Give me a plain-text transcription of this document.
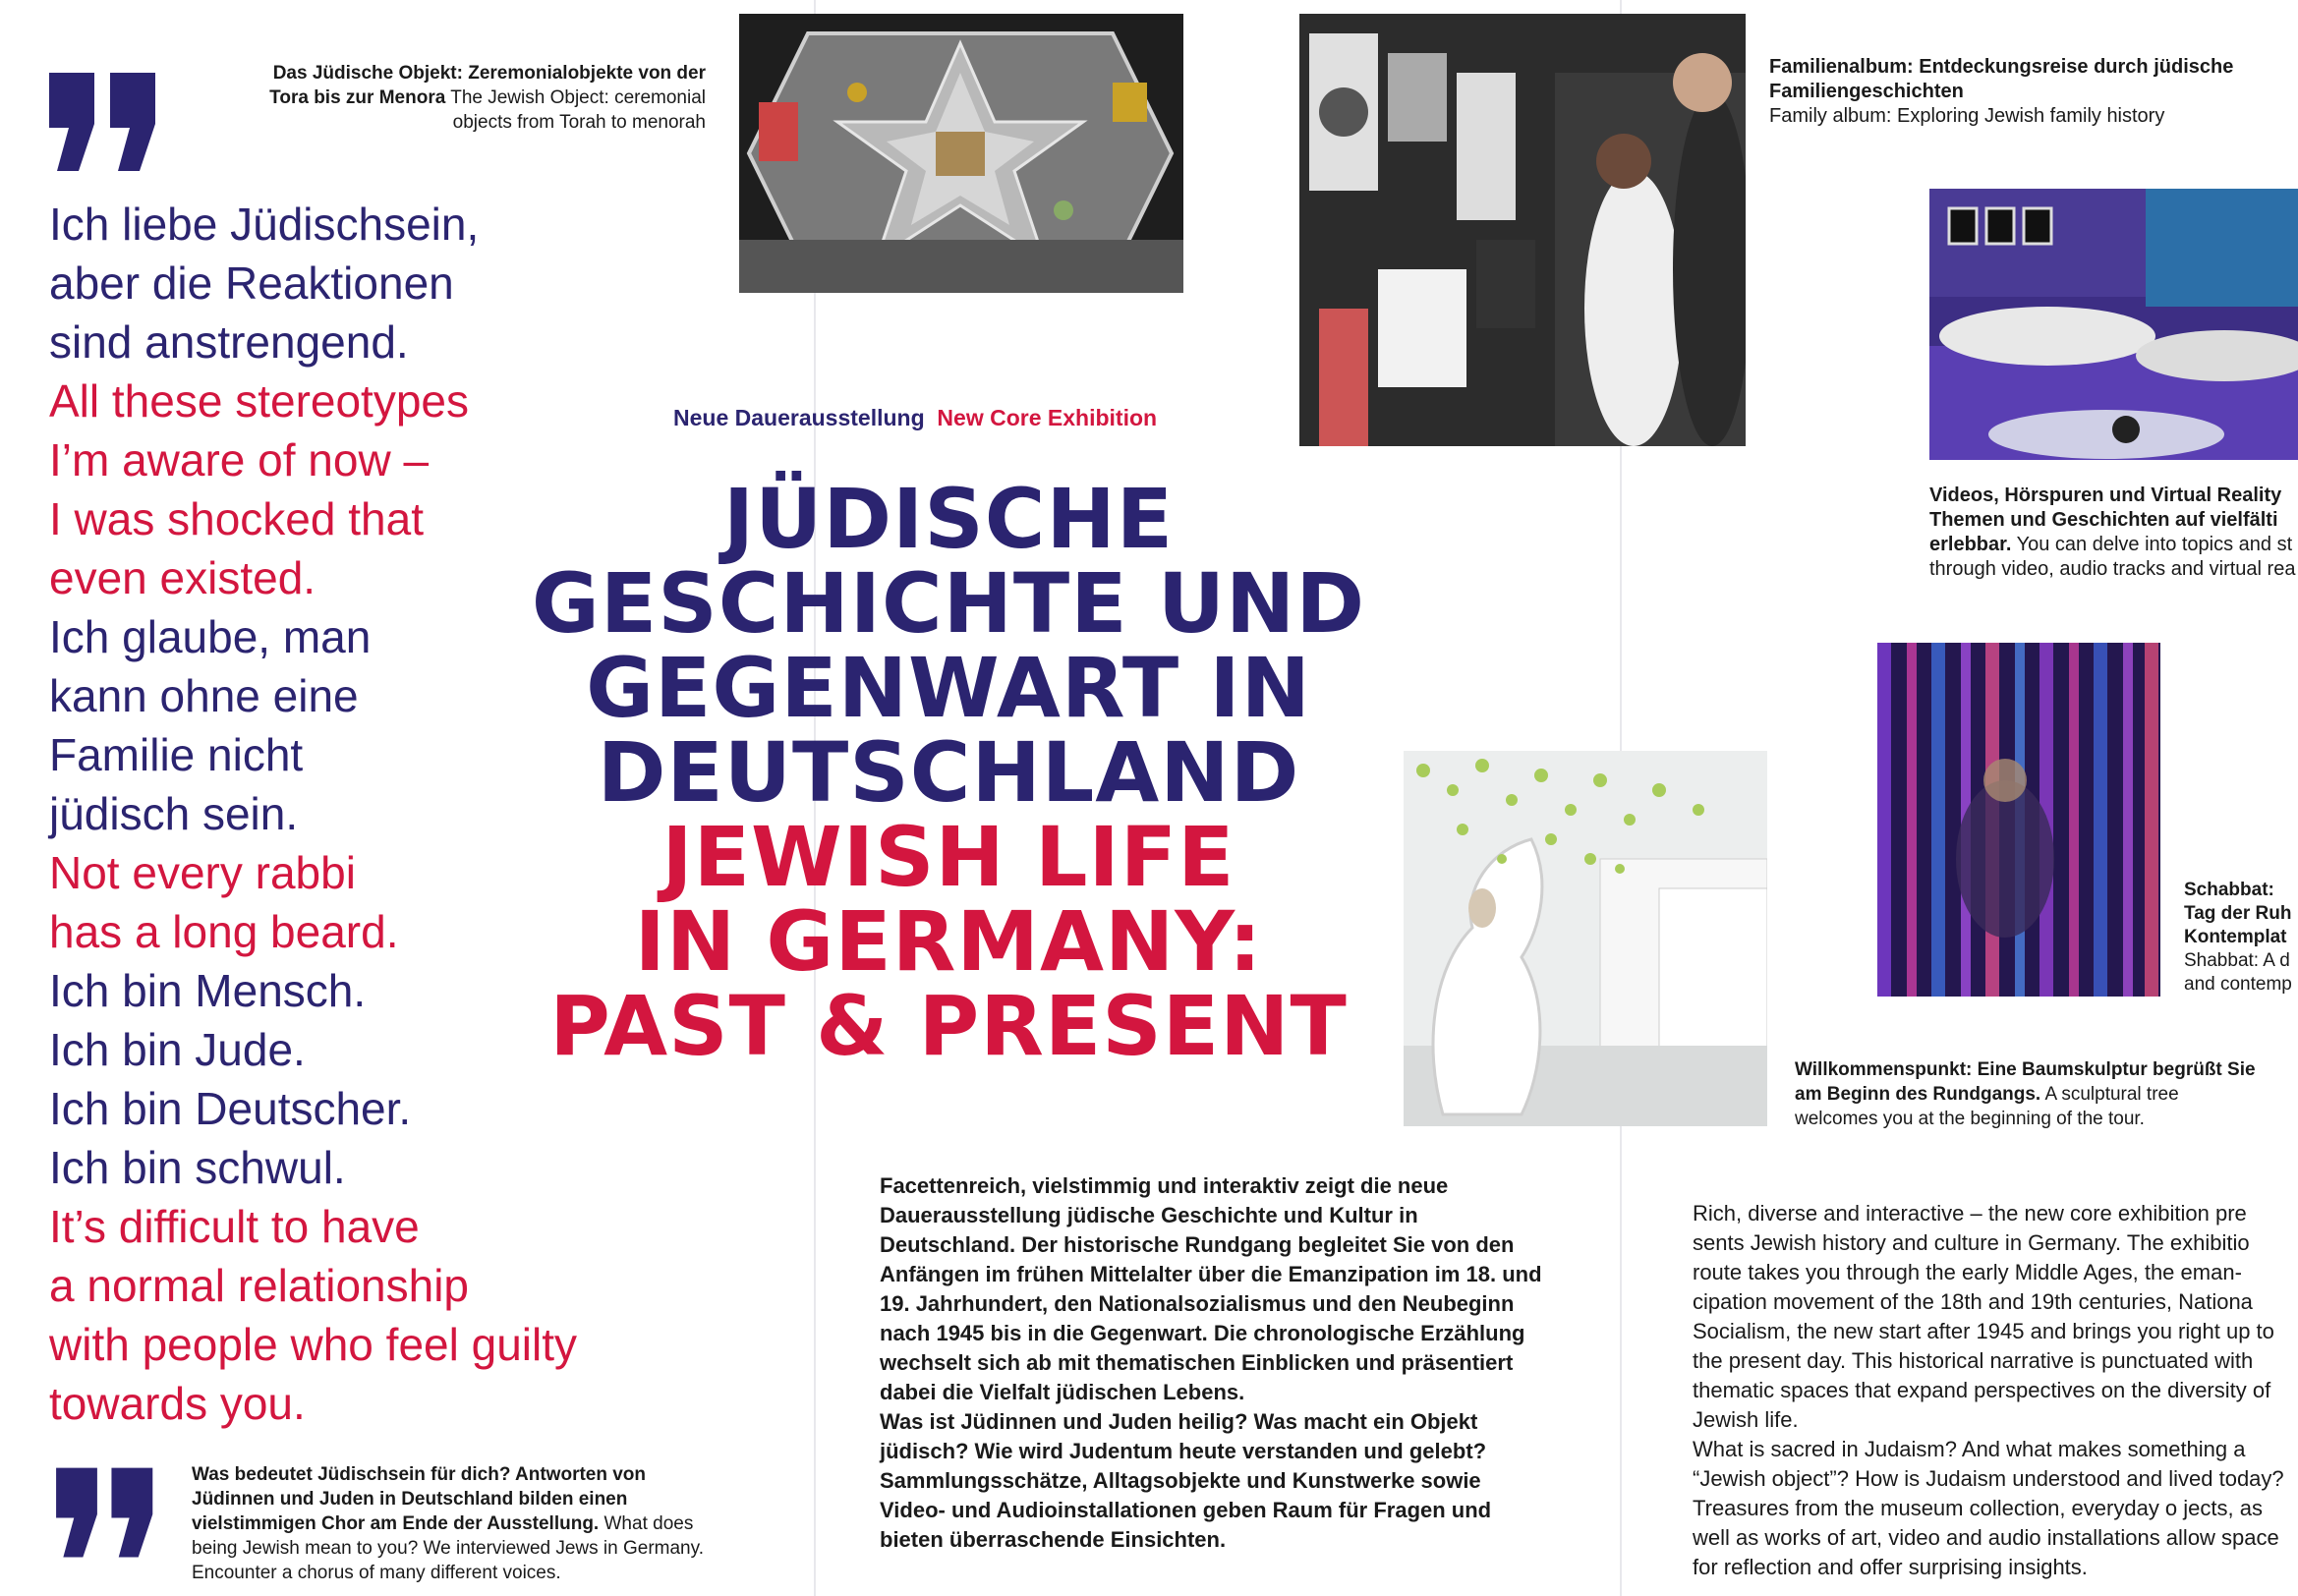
Ich liebe Jüdischsein,
aber die Reaktionen
sind anstrengend.
All these stereotypes
I’m aware of now –
I was shocked that
even existed.
Ich glaube, man
kann ohne eine
Familie nicht
jüdisch sein.
Not every rabbi
has a long beard.
Ich bin Mensch.
Ich bin Jude.
Ich bin Deutscher.
Ich bin schwul.
It’s difficult to have
a normal relationship
with people who feel guilty
towards you.
Was bedeutet Jüdischsein für dich? Antworten von Jüdinnen und Juden in Deutschland bilden einen vielstimmigen Chor am Ende der Ausstellung. What does being Jewish mean to you? We interviewed Jews in Germany. Encounter a chorus of many different voices.
Das Jüdische Objekt: Zeremonialobjekte von der Tora bis zur Menora The Jewish Object: ceremonial objects from Torah to menorah
Familienalbum: Entdeckungsreise durch jüdische Familiengeschichten
Family album: Exploring Jewish family history
Videos, Hörspuren und Virtual Reality Themen und Geschichten auf vielfälti erlebbar. You can delve into topics and st through video, audio tracks and virtual rea
Schabbat: Tag der Ruh Kontemplat
Shabbat: A d and contemp
Willkommenspunkt: Eine Baumskulptur begrüßt Sie am Beginn des Rundgangs. A sculptural tree welcomes you at the beginning of the tour.
Neue Dauerausstellung New Core Exhibition
JÜDISCHE
GESCHICHTE UND
GEGENWART IN
DEUTSCHLAND
JEWISH LIFE
IN GERMANY:
PAST & PRESENT

Facettenreich, vielstimmig und interaktiv zeigt die neue Dauerausstellung jüdische Geschichte und Kultur in Deutschland. Der historische Rundgang begleitet Sie von den Anfängen im frühen Mittelalter über die Emanzipation im 18. und 19. Jahrhundert, den Nationalsozialismus und den Neubeginn nach 1945 bis in die Gegenwart. Die chronologische Erzählung wechselt sich ab mit thematischen Einblicken und präsentiert dabei die Vielfalt jüdischen Lebens.

Was ist Jüdinnen und Juden heilig? Was macht ein Objekt jüdisch? Wie wird Judentum heute verstanden und gelebt? Sammlungsschätze, Alltagsobjekte und Kunstwerke sowie Video- und Audioinstallationen geben Raum für Fragen und bieten überraschende Einsichten.

Rich, diverse and interactive – the new core exhibition pre sents Jewish history and culture in Germany. The exhibitio route takes you through the early Middle Ages, the emancipation movement of the 18th and 19th centuries, Nationa Socialism, the new start after 1945 and brings you right up to the present day. This historical narrative is punctuated with thematic spaces that expand perspectives on the diversity of Jewish life.

What is sacred in Judaism? And what makes something a “Jewish object”? How is Judaism understood and lived today? Treasures from the museum collection, everyday o jects, as well as works of art, video and audio installations allow space for reflection and offer surprising insights.
